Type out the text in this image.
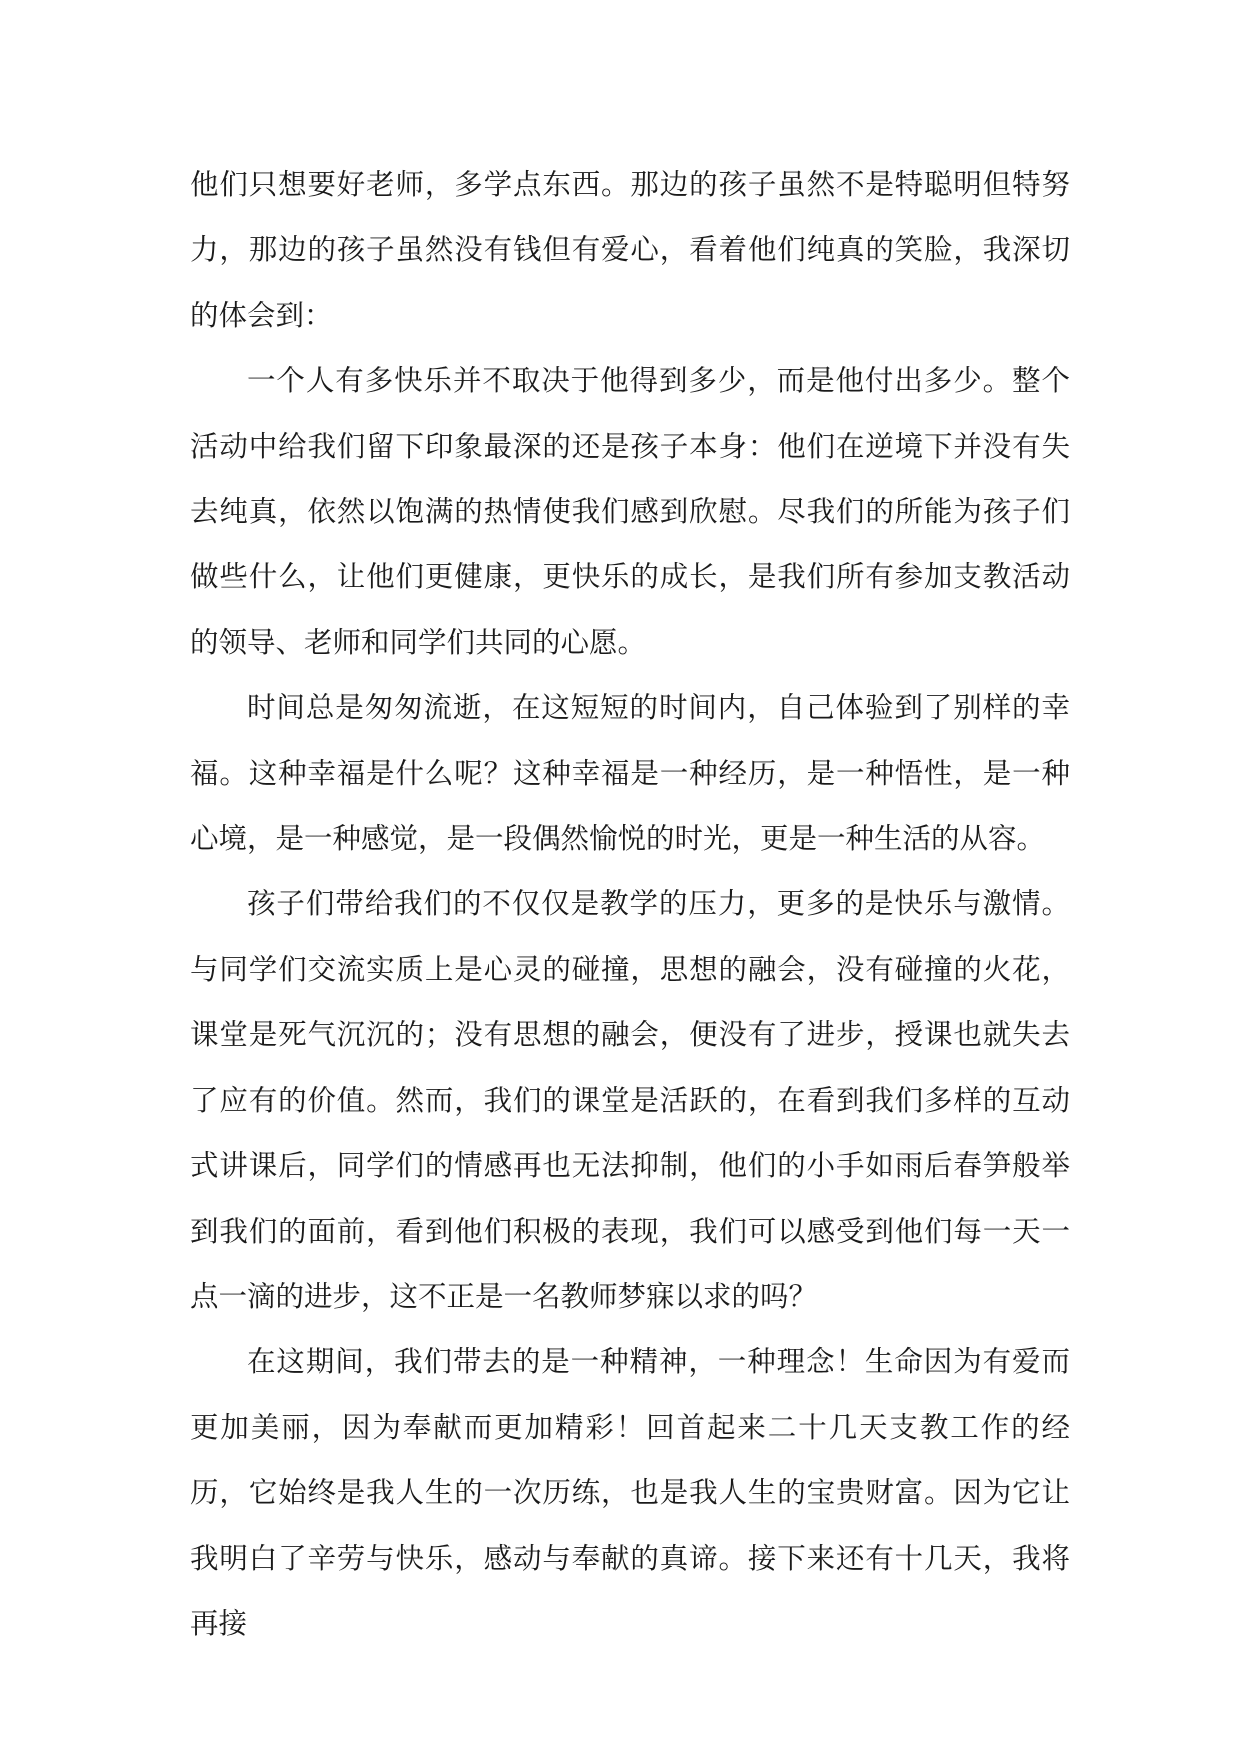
他们只想要好老师，多学点东西。那边的孩子虽然不是特聪明但特努力，那边的孩子虽然没有钱但有爱心，看着他们纯真的笑脸，我深切的体会到：

一个人有多快乐并不取决于他得到多少，而是他付出多少。整个活动中给我们留下印象最深的还是孩子本身：他们在逆境下并没有失去纯真，依然以饱满的热情使我们感到欣慰。尽我们的所能为孩子们做些什么，让他们更健康，更快乐的成长，是我们所有参加支教活动的领导、老师和同学们共同的心愿。

时间总是匆匆流逝，在这短短的时间内，自己体验到了别样的幸福。这种幸福是什么呢？这种幸福是一种经历，是一种悟性，是一种心境，是一种感觉，是一段偶然愉悦的时光，更是一种生活的从容。

孩子们带给我们的不仅仅是教学的压力，更多的是快乐与激情。与同学们交流实质上是心灵的碰撞，思想的融会，没有碰撞的火花，课堂是死气沉沉的；没有思想的融会，便没有了进步，授课也就失去了应有的价值。然而，我们的课堂是活跃的，在看到我们多样的互动式讲课后，同学们的情感再也无法抑制，他们的小手如雨后春笋般举到我们的面前，看到他们积极的表现，我们可以感受到他们每一天一点一滴的进步，这不正是一名教师梦寐以求的吗？

在这期间，我们带去的是一种精神，一种理念！生命因为有爱而更加美丽，因为奉献而更加精彩！回首起来二十几天支教工作的经历，它始终是我人生的一次历练，也是我人生的宝贵财富。因为它让我明白了辛劳与快乐，感动与奉献的真谛。接下来还有十几天，我将再接
